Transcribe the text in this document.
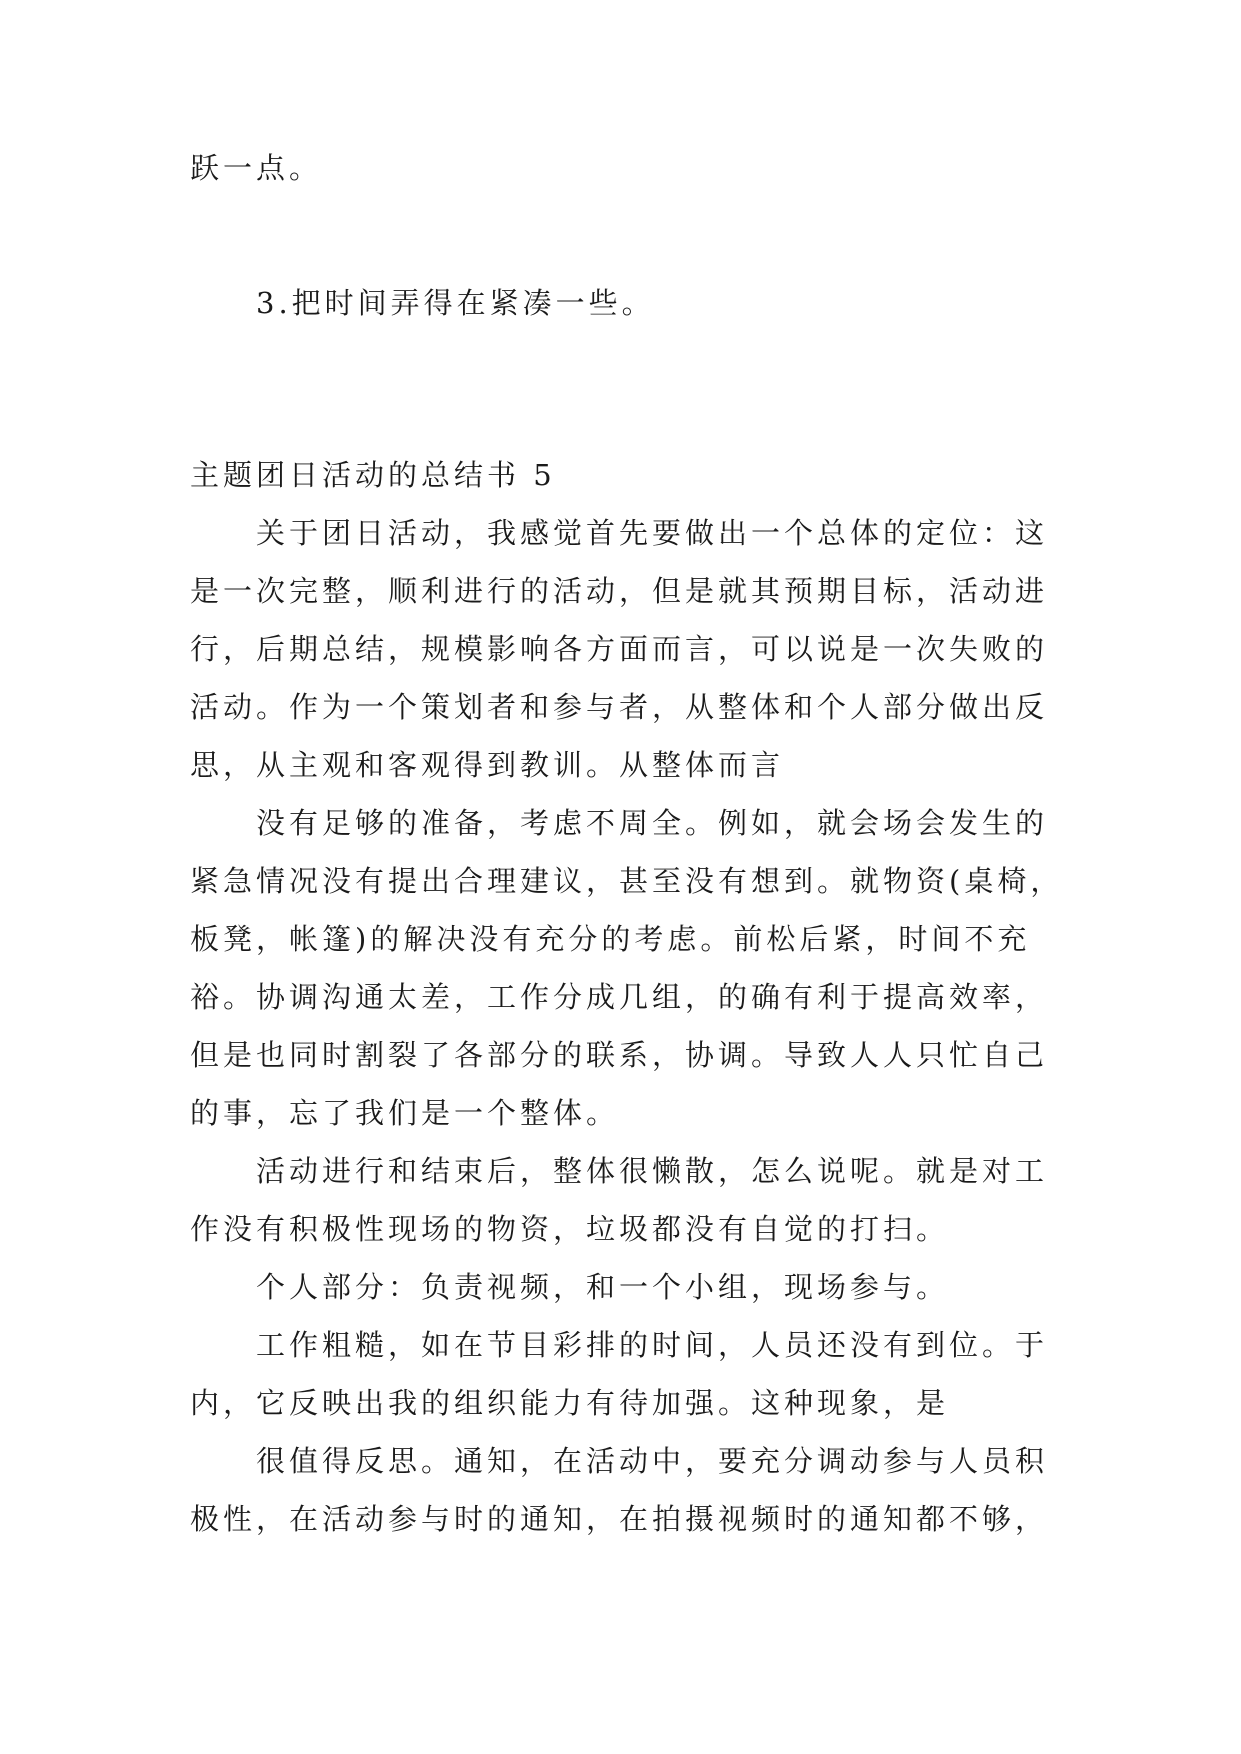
跃一点。
3.把时间弄得在紧凑一些。
主题团日活动的总结书 5
关于团日活动，我感觉首先要做出一个总体的定位：这
是一次完整，顺利进行的活动，但是就其预期目标，活动进
行，后期总结，规模影响各方面而言，可以说是一次失败的
活动。作为一个策划者和参与者，从整体和个人部分做出反
思，从主观和客观得到教训。从整体而言
没有足够的准备，考虑不周全。例如，就会场会发生的
紧急情况没有提出合理建议，甚至没有想到。就物资(桌椅，
板凳，帐篷)的解决没有充分的考虑。前松后紧，时间不充
裕。协调沟通太差，工作分成几组，的确有利于提高效率，
但是也同时割裂了各部分的联系，协调。导致人人只忙自己
的事，忘了我们是一个整体。
活动进行和结束后，整体很懒散，怎么说呢。就是对工
作没有积极性现场的物资，垃圾都没有自觉的打扫。
个人部分：负责视频，和一个小组，现场参与。
工作粗糙，如在节目彩排的时间，人员还没有到位。于
内，它反映出我的组织能力有待加强。这种现象，是
很值得反思。通知，在活动中，要充分调动参与人员积
极性，在活动参与时的通知，在拍摄视频时的通知都不够，
